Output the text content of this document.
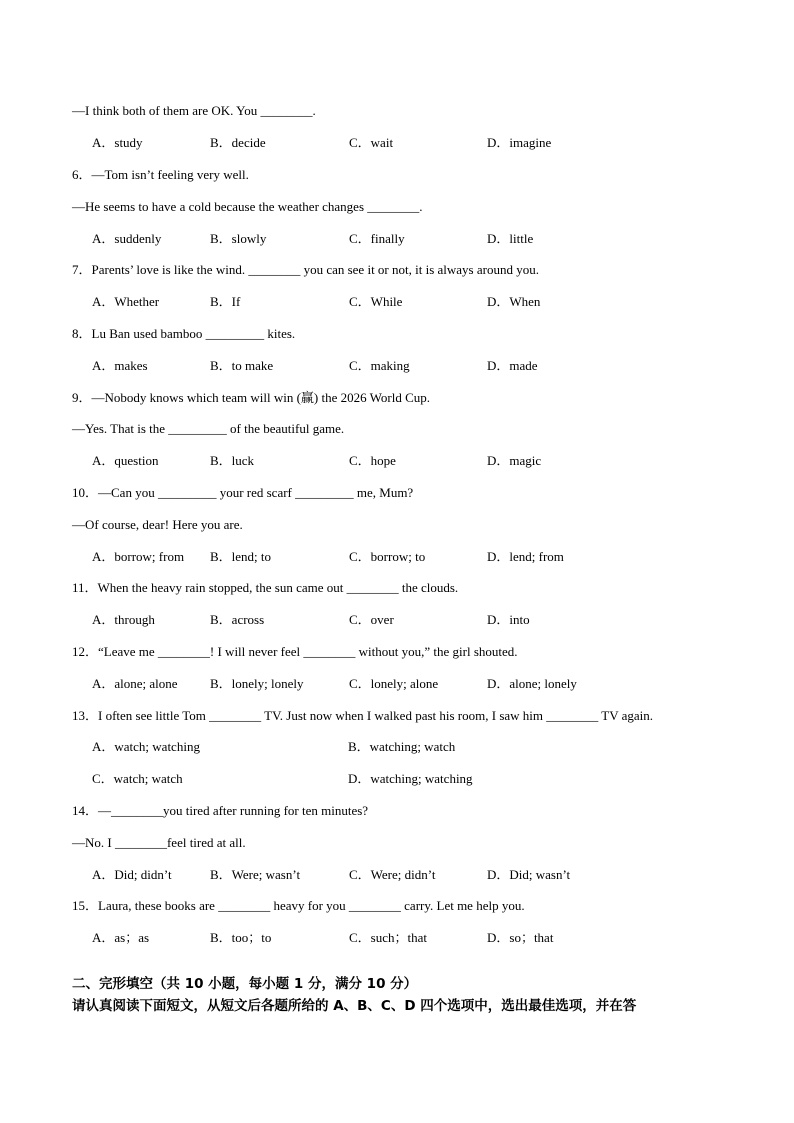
—I think both of them are OK. You ________.

A．study

	B．decide

	C．wait

	D．imagine

6．—Tom isn’t feeling very well.
—He seems to have a cold because the weather changes ________.

A．suddenly

	B．slowly

	C．finally

	D．little

7．Parents’ love is like the wind. ________ you can see it or not, it is always around you.

A．Whether

	B．If

	C．While

	D．When

8．Lu Ban used bamboo _________ kites.

A．makes

	B．to make

	C．making

	D．made

9．—Nobody knows which team will win (赢) the 2026 World Cup.
—Yes. That is the _________ of the beautiful game.

A．question

	B．luck

	C．hope

	D．magic

10．—Can you _________ your red scarf _________ me, Mum?
—Of course, dear! Here you are.

A．borrow; from

B．lend; to

	C．borrow; to

	D．lend; from

11．When the heavy rain stopped, the sun came out ________ the clouds.

A．through

	B．across

	C．over

	D．into

12．“Leave me ________! I will never feel ________ without you,” the girl shouted.

A．alone; alone

B．lonely; lonely

	C．lonely; alone

	D．alone; lonely

13．I often see little Tom ________ TV. Just now when I walked past his room, I saw him ________ TV again.

A．watch; watching

	B．watching; watch

C．watch; watch

	D．watching; watching

14．—________you tired after running for ten minutes?
—No. I ________feel tired at all.

A．Did; didn’t

	B．Were; wasn’t

	C．Were; didn’t

	D．Did; wasn’t

15．Laura, these books are ________ heavy for you ________ carry. Let me help you.

A．as；as

	B．too；to

	C．such；that

	D．so；that

二、完形填空（共 10 小题，每小题 1 分，满分 10 分）
请认真阅读下面短文，从短文后各题所给的 A、B、C、D 四个选项中，选出最佳选项，并在答
